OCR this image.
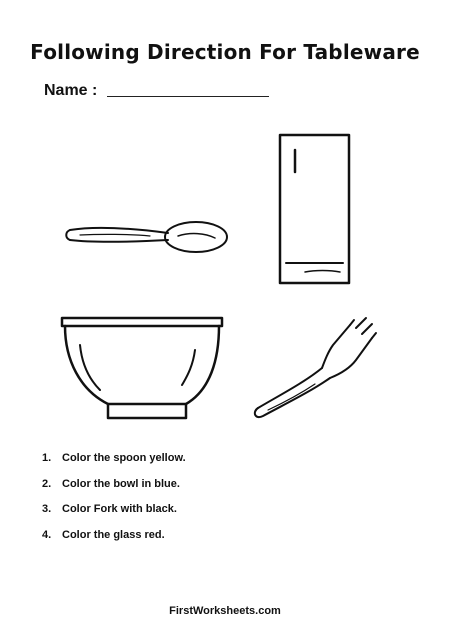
Following Direction For Tableware
Name :
1. Color the spoon yellow.
2. Color the bowl in blue.
3. Color Fork with black.
4. Color the glass red.
FirstWorksheets.com
